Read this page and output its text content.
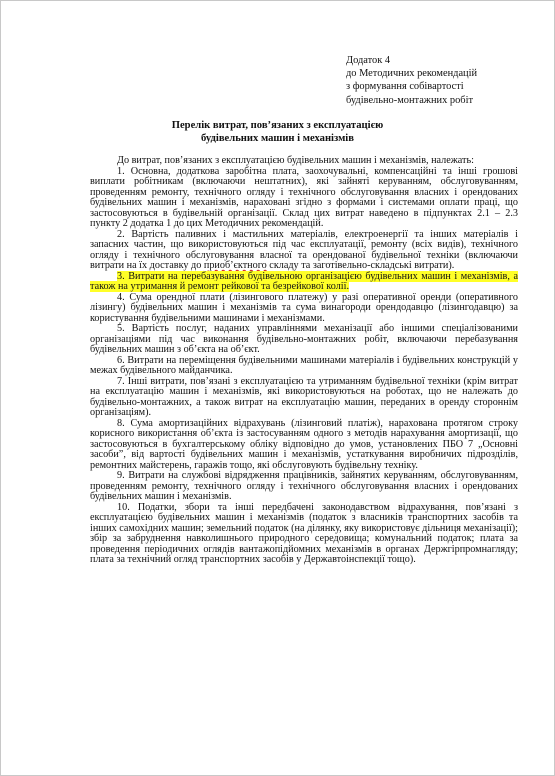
Додаток 4
до Методичних рекомендацій
з формування собівартості
будівельно-монтажних робіт
Перелік витрат, пов’язаних з експлуатацією
будівельних машин і механізмів

До витрат, пов’язаних з експлуатацією будівельних машин і механізмів, належать:

1. Основна, додаткова заробітна плата, заохочувальні, компенсаційні та інші грошові виплати робітникам (включаючи нештатних), які зайняті керуванням, обслуговуванням, проведенням ремонту, технічного огляду і технічного обслуговування власних і орендованих будівельних машин і механізмів, нараховані згідно з формами і системами оплати праці, що застосовуються в будівельній організації. Склад цих витрат наведено в підпунктах 2.1 – 2.3 пункту 2 додатка 1 до цих Методичних рекомендацій.

2. Вартість паливних і мастильних матеріалів, електроенергії та інших матеріалів і запасних частин, що використовуються під час експлуатації, ремонту (всіх видів), технічного огляду і технічного обслуговування власної та орендованої будівельної техніки (включаючи витрати на їх доставку до приоб’єктного складу та заготівельно-складські витрати).

3. Витрати на перебазування будівельною організацією будівельних машин і механізмів, а також на утримання й ремонт рейкової та безрейкової колії.

4. Сума орендної плати (лізингового платежу) у разі оперативної оренди (оперативного лізингу) будівельних машин і механізмів та сума винагороди орендодавцю (лізингодавцю) за користування будівельними машинами і механізмами.

5. Вартість послуг, наданих управліннями механізації або іншими спеціалізованими організаціями під час виконання будівельно-монтажних робіт, включаючи перебазування будівельних машин з об’єкта на об’єкт.

6. Витрати на переміщення будівельними машинами матеріалів і будівельних конструкцій у межах будівельного майданчика.

7. Інші витрати, пов’язані з експлуатацією та утриманням будівельної техніки (крім витрат на експлуатацію машин і механізмів, які використовуються на роботах, що не належать до будівельно-монтажних, а також витрат на експлуатацію машин, переданих в оренду стороннім організаціям).

8. Сума амортизаційних відрахувань (лізинговий платіж), нарахована протягом строку корисного використання об’єкта із застосуванням одного з методів нарахування амортизації, що застосовуються в бухгалтерському обліку відповідно до умов, установлених ПБО 7 „Основні засоби”, від вартості будівельних машин і механізмів, устаткування виробничих підрозділів, ремонтних майстерень, гаражів тощо, які обслуговують будівельну техніку.

9. Витрати на службові відрядження працівників, зайнятих керуванням, обслуговуванням, проведенням ремонту, технічного огляду і технічного обслуговування власних і орендованих будівельних машин і механізмів.

10. Податки, збори та інші передбачені законодавством відрахування, пов’язані з експлуатацією будівельних машин і механізмів (податок з власників транспортних засобів та інших самохідних машин; земельний податок (на ділянку, яку використовує дільниця механізації); збір за забруднення навколишнього природного середовища; комунальний податок; плата за проведення періодичних оглядів вантажопідйомних механізмів в органах Держгірпромнагляду; плата за технічний огляд транспортних засобів у Державтоінспекції тощо).
